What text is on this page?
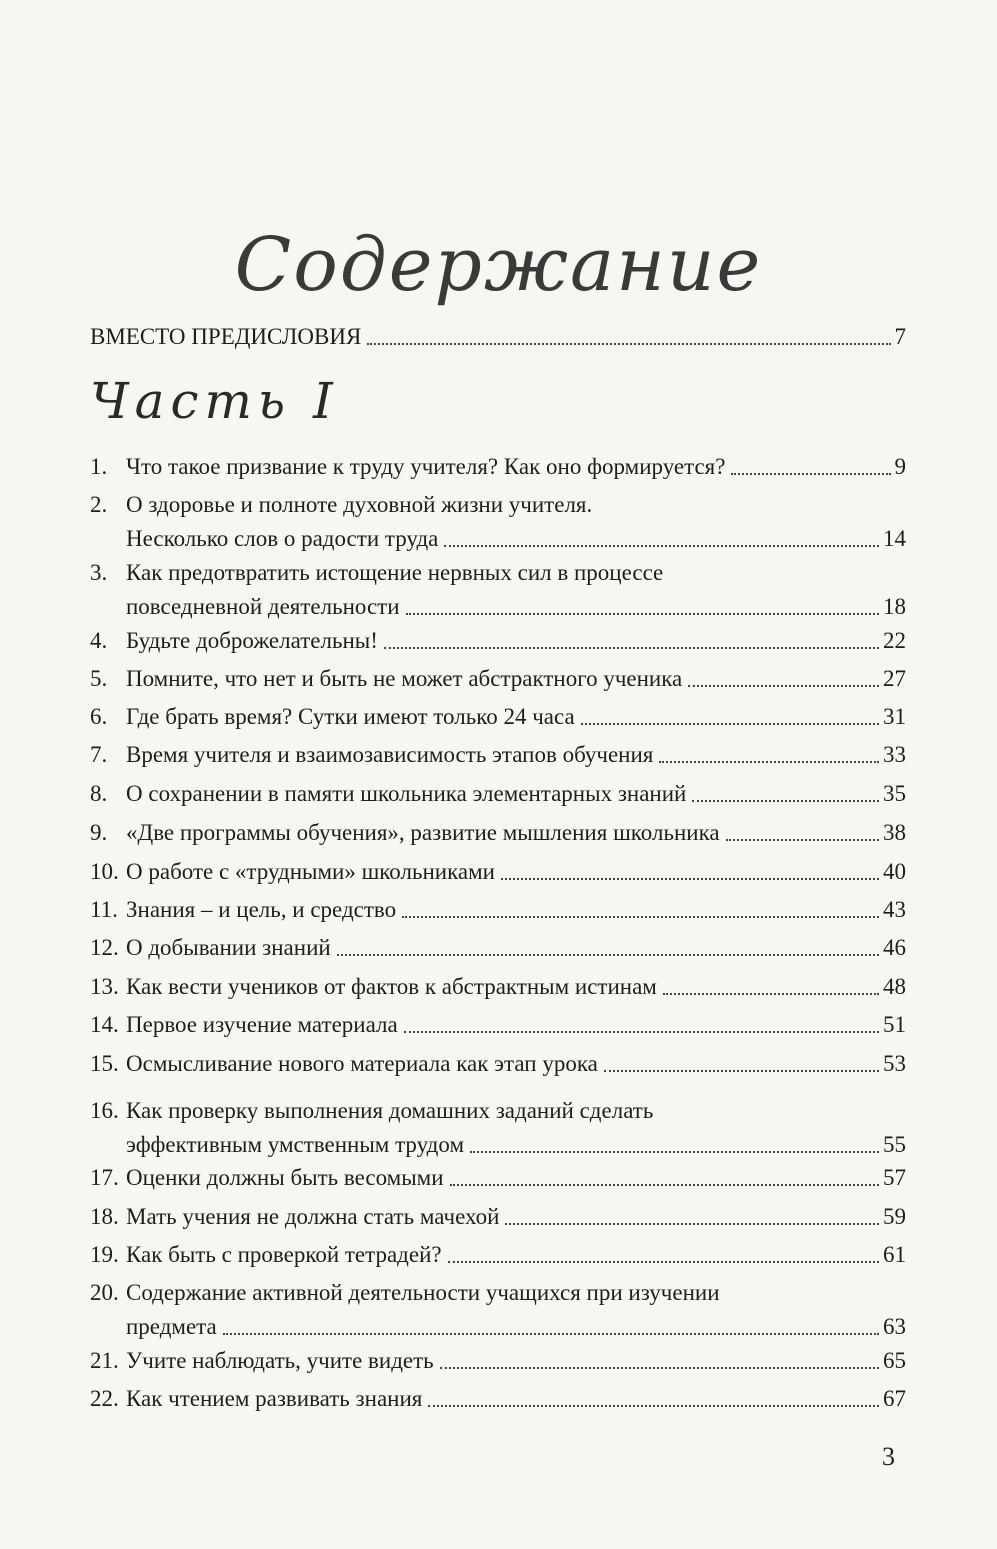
Содержание
ВМЕСТО ПРЕДИСЛОВИЯ	7
Часть I
1. Что такое призвание к труду учителя? Как оно формируется?	9
2. О здоровье и полноте духовной жизни учителя.
Несколько слов о радости труда	14
3. Как предотвратить истощение нервных сил в процессе
повседневной деятельности	18
4. Будьте доброжелательны!	22
5. Помните, что нет и быть не может абстрактного ученика	27
6. Где брать время? Сутки имеют только 24 часа	31
7. Время учителя и взаимозависимость этапов обучения	33
8. О сохранении в памяти школьника элементарных знаний	35
9. «Две программы обучения», развитие мышления школьника	38
10. О работе с «трудными» школьниками	40
11. Знания – и цель, и средство	43
12. О добывании знаний	46
13. Как вести учеников от фактов к абстрактным истинам	48
14. Первое изучение материала	51
15. Осмысливание нового материала как этап урока	53
16. Как проверку выполнения домашних заданий сделать
эффективным умственным трудом	55
17. Оценки должны быть весомыми	57
18. Мать учения не должна стать мачехой	59
19. Как быть с проверкой тетрадей?	61
20. Содержание активной деятельности учащихся при изучении
предмета	63
21. Учите наблюдать, учите видеть	65
22. Как чтением развивать знания	67
3
